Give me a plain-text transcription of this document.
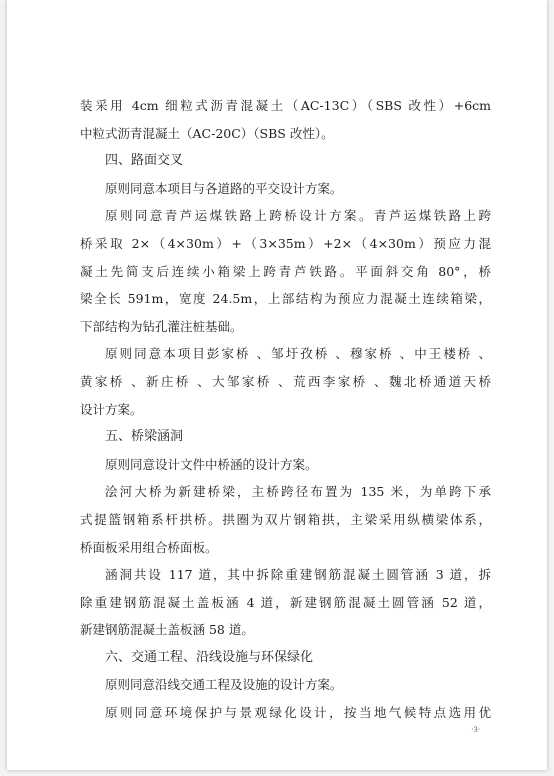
装采用 4cm 细粒式沥青混凝土（AC-13C）（SBS 改性）+6cm
中粒式沥青混凝土（AC-20C）（SBS 改性）。
四、路面交叉
原则同意本项目与各道路的平交设计方案。
原则同意青芦运煤铁路上跨桥设计方案。青芦运煤铁路上跨
桥采取 2×（4×30m）+（3×35m）+2×（4×30m）预应力混
凝土先简支后连续小箱梁上跨青芦铁路。平面斜交角 80°，桥
梁全长 591m，宽度 24.5m，上部结构为预应力混凝土连续箱梁，
下部结构为钻孔灌注桩基础。
原则同意本项目彭家桥 、邹圩孜桥 、穆家桥 、中王楼桥 、
黄家桥 、新庄桥 、大邹家桥 、荒西李家桥 、魏北桥通道天桥
设计方案。
五、桥梁涵洞
原则同意设计文件中桥涵的设计方案。
浍河大桥为新建桥梁，主桥跨径布置为 135 米，为单跨下承
式提篮钢箱系杆拱桥。拱圈为双片钢箱拱，主梁采用纵横梁体系，
桥面板采用组合桥面板。
涵洞共设 117 道，其中拆除重建钢筋混凝土圆管涵 3 道，拆
除重建钢筋混凝土盖板涵 4 道，新建钢筋混凝土圆管涵 52 道，
新建钢筋混凝土盖板涵 58 道。
六、交通工程、沿线设施与环保绿化
原则同意沿线交通工程及设施的设计方案。
原则同意环境保护与景观绿化设计，按当地气候特点选用优
·3·
